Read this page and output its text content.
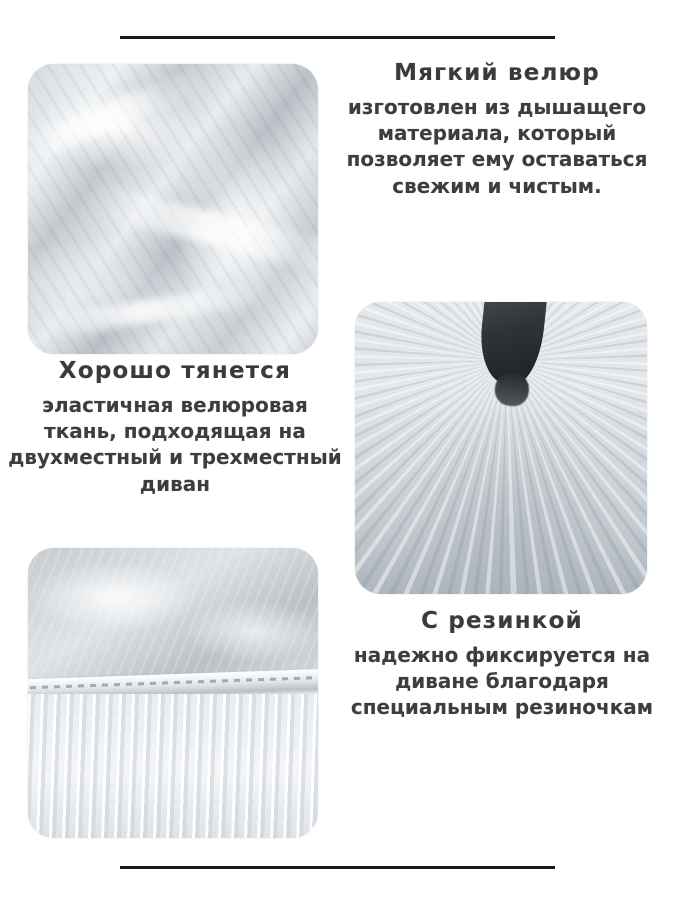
Мягкий велюр
изготовлен из дышащего материала, который позволяет ему оставаться свежим и чистым.
Хорошо тянется
эластичная велюровая ткань, подходящая на двухместный и трехместный диван
С резинкой
надежно фиксируется на диване благодаря специальным резиночкам
